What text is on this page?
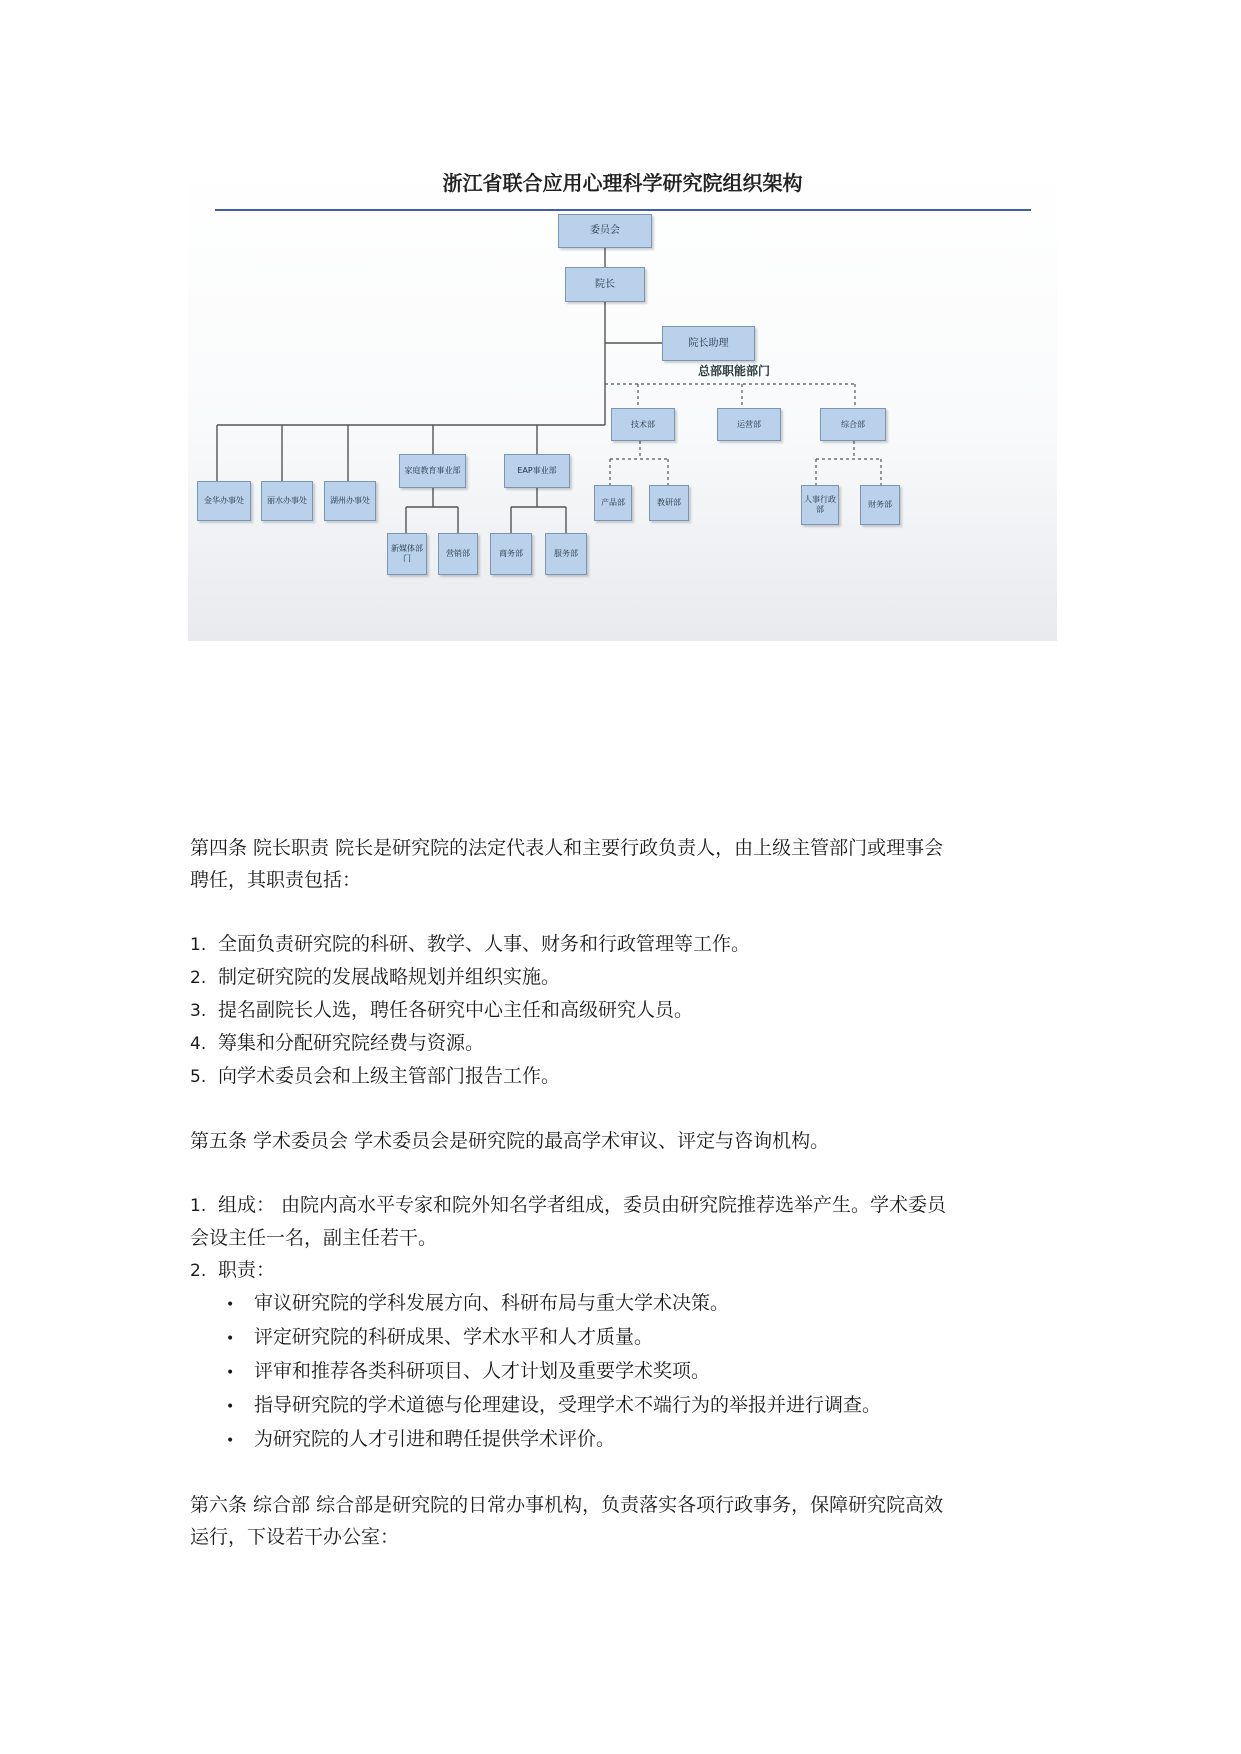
浙江省联合应用心理科学研究院组织架构
委员会
院长
院长助理
总部职能部门
技术部	运营部	综合部
产品部	教研部	人事行政部
财务部
金华办事处	丽水办事处	湖州办事处
家庭教育事业部	EAP事业部
新媒体部门
营销部	商务部	服务部

第四条 院长职责 院长是研究院的法定代表人和主要行政负责人，由上级主管部门或理事会

聘任，其职责包括：

1. 全面负责研究院的科研、教学、人事、财务和行政管理等工作。

2. 制定研究院的发展战略规划并组织实施。

3. 提名副院长人选，聘任各研究中心主任和高级研究人员。

4. 筹集和分配研究院经费与资源。

5. 向学术委员会和上级主管部门报告工作。

第五条 学术委员会 学术委员会是研究院的最高学术审议、评定与咨询机构。

1. 组成： 由院内高水平专家和院外知名学者组成，委员由研究院推荐选举产生。学术委员

会设主任一名，副主任若干。

2. 职责：

• 审议研究院的学科发展方向、科研布局与重大学术决策。

• 评定研究院的科研成果、学术水平和人才质量。

• 评审和推荐各类科研项目、人才计划及重要学术奖项。

• 指导研究院的学术道德与伦理建设，受理学术不端行为的举报并进行调查。

• 为研究院的人才引进和聘任提供学术评价。

第六条 综合部 综合部是研究院的日常办事机构，负责落实各项行政事务，保障研究院高效

运行，下设若干办公室：
